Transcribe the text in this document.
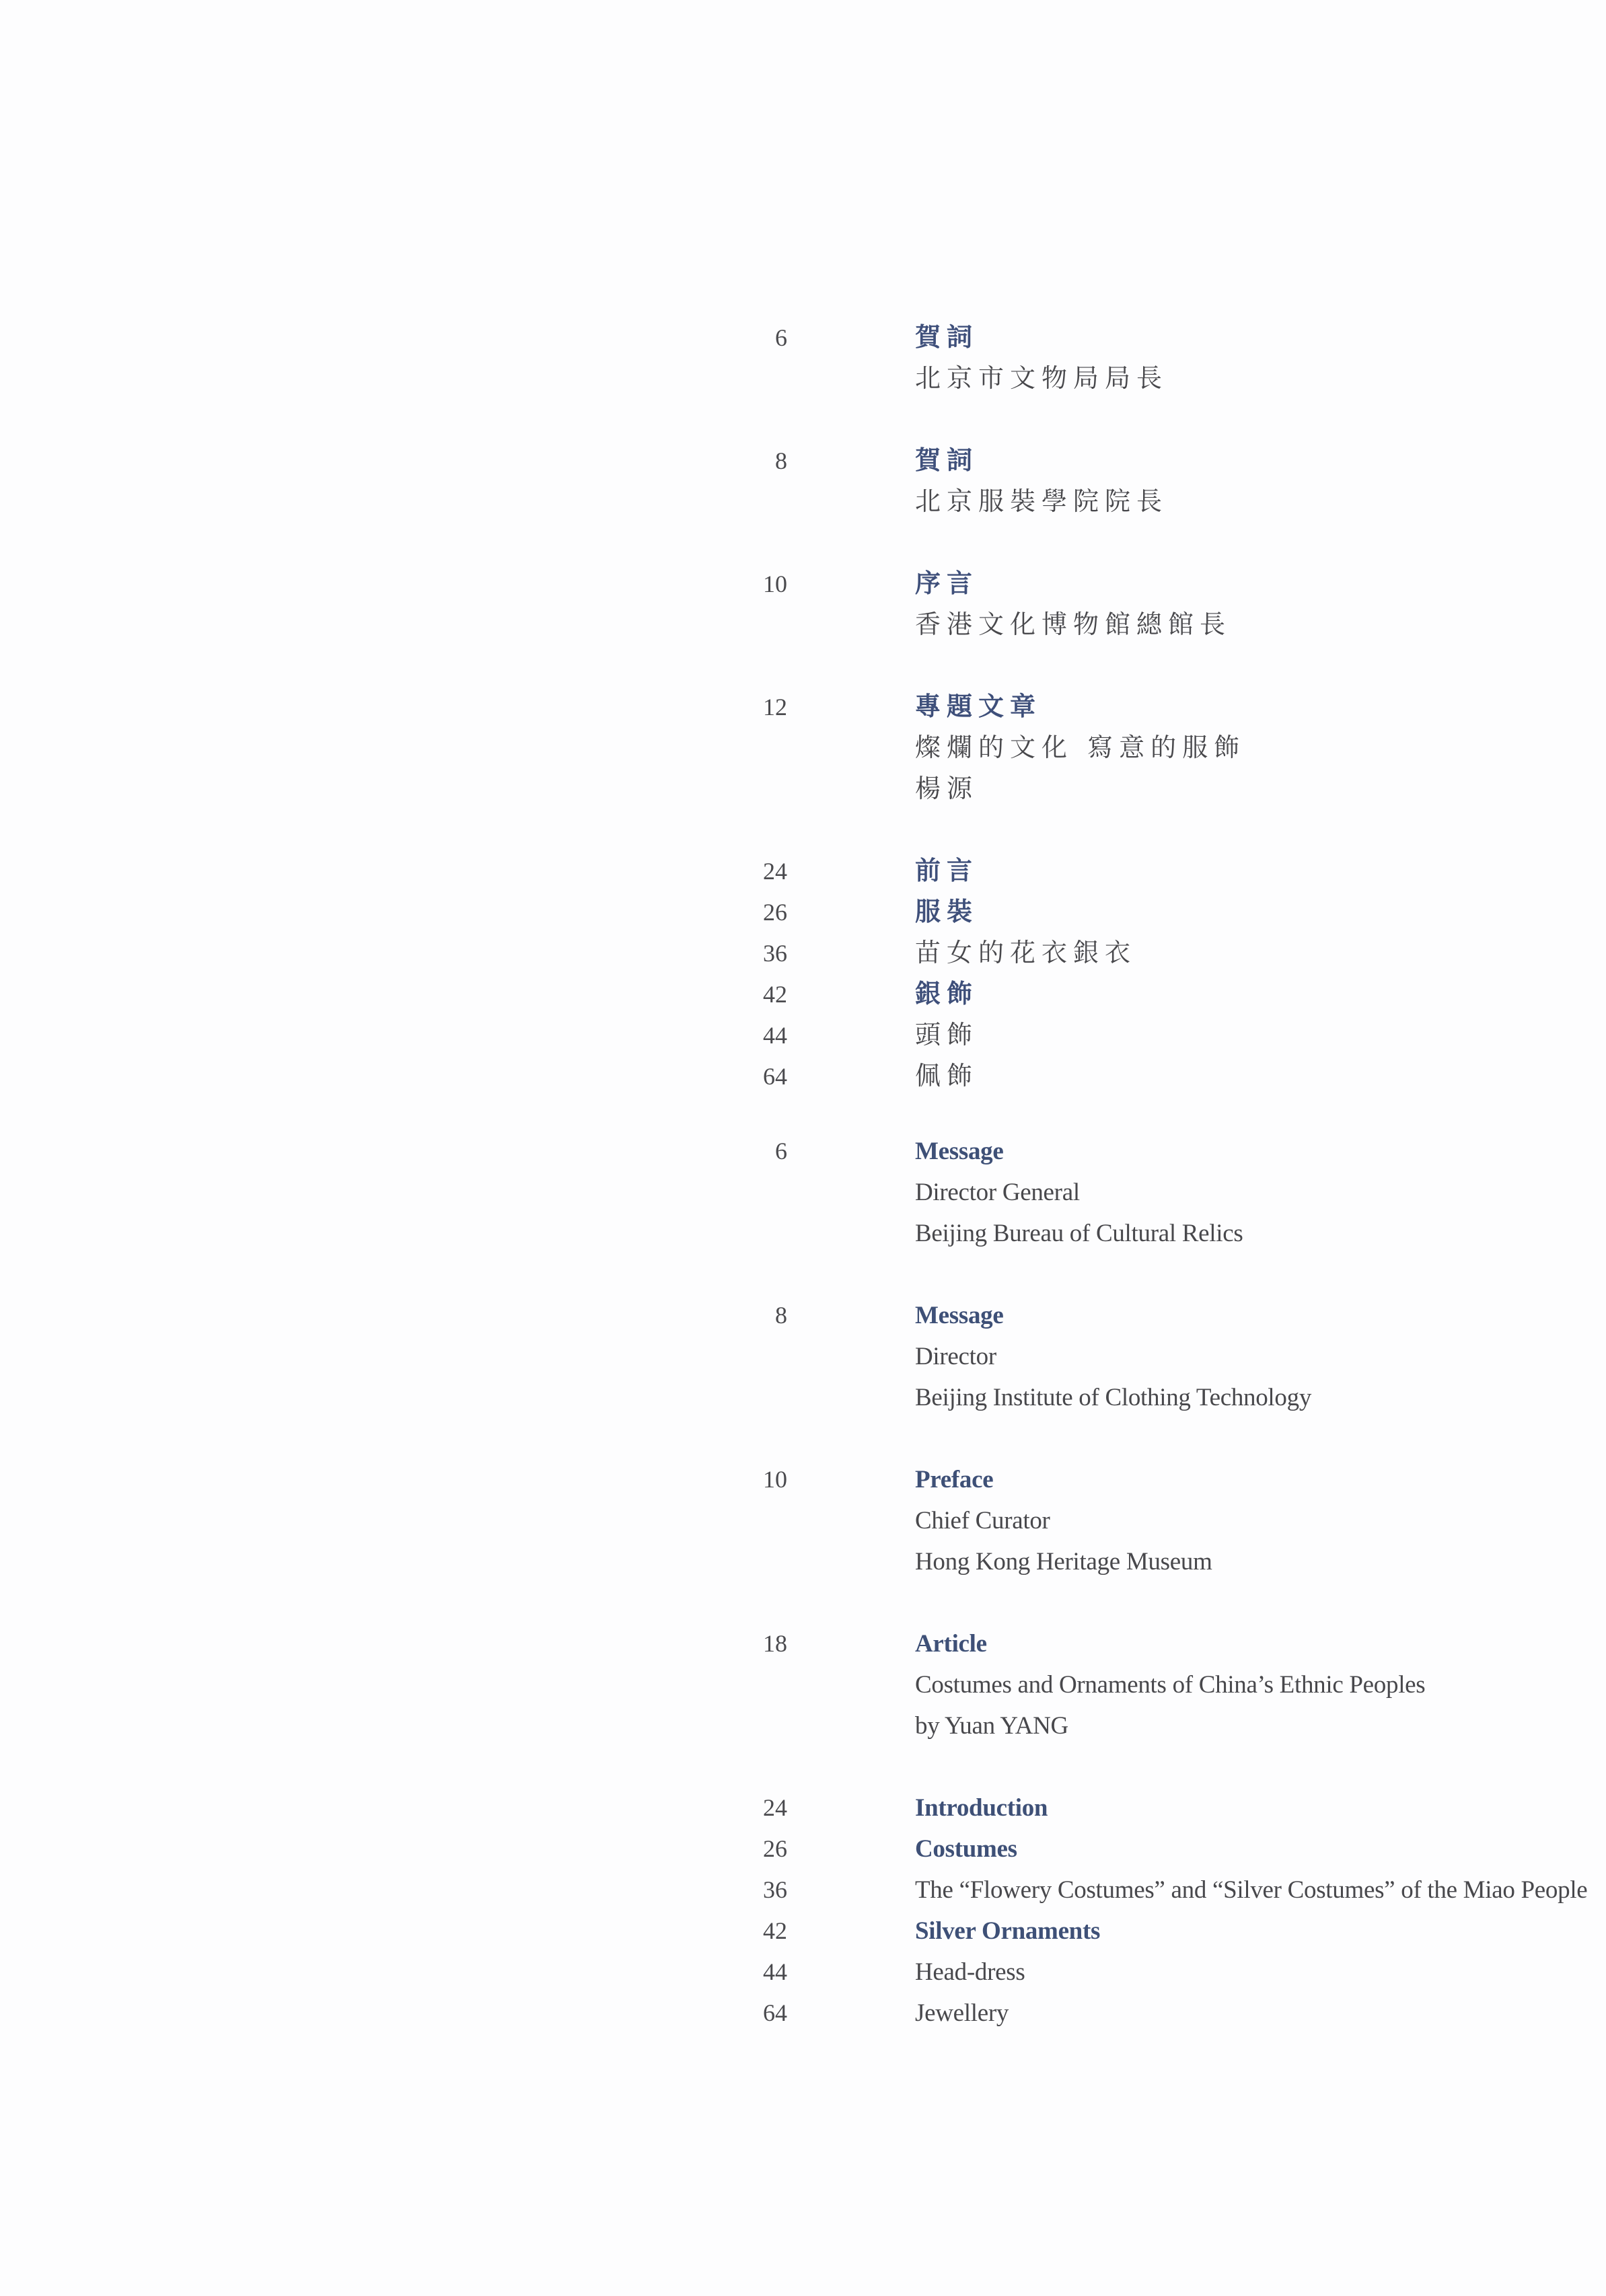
6	賀詞
北京市文物局局長
8	賀詞
北京服裝學院院長
10	序言
香港文化博物館總館長
12	專題文章
燦爛的文化 寫意的服飾
楊源
24	前言
26	服裝
36	苗女的花衣銀衣
42	銀飾
44	頭飾
64	佩飾
6	Message
Director General
Beijing Bureau of Cultural Relics
8	Message
Director
Beijing Institute of Clothing Technology
10	Preface
Chief Curator
Hong Kong Heritage Museum
18	Article
Costumes and Ornaments of China’s Ethnic Peoples
by Yuan YANG
24	Introduction
26	Costumes
36	The “Flowery Costumes” and “Silver Costumes” of the Miao People
42	Silver Ornaments
44	Head-dress
64	Jewellery
